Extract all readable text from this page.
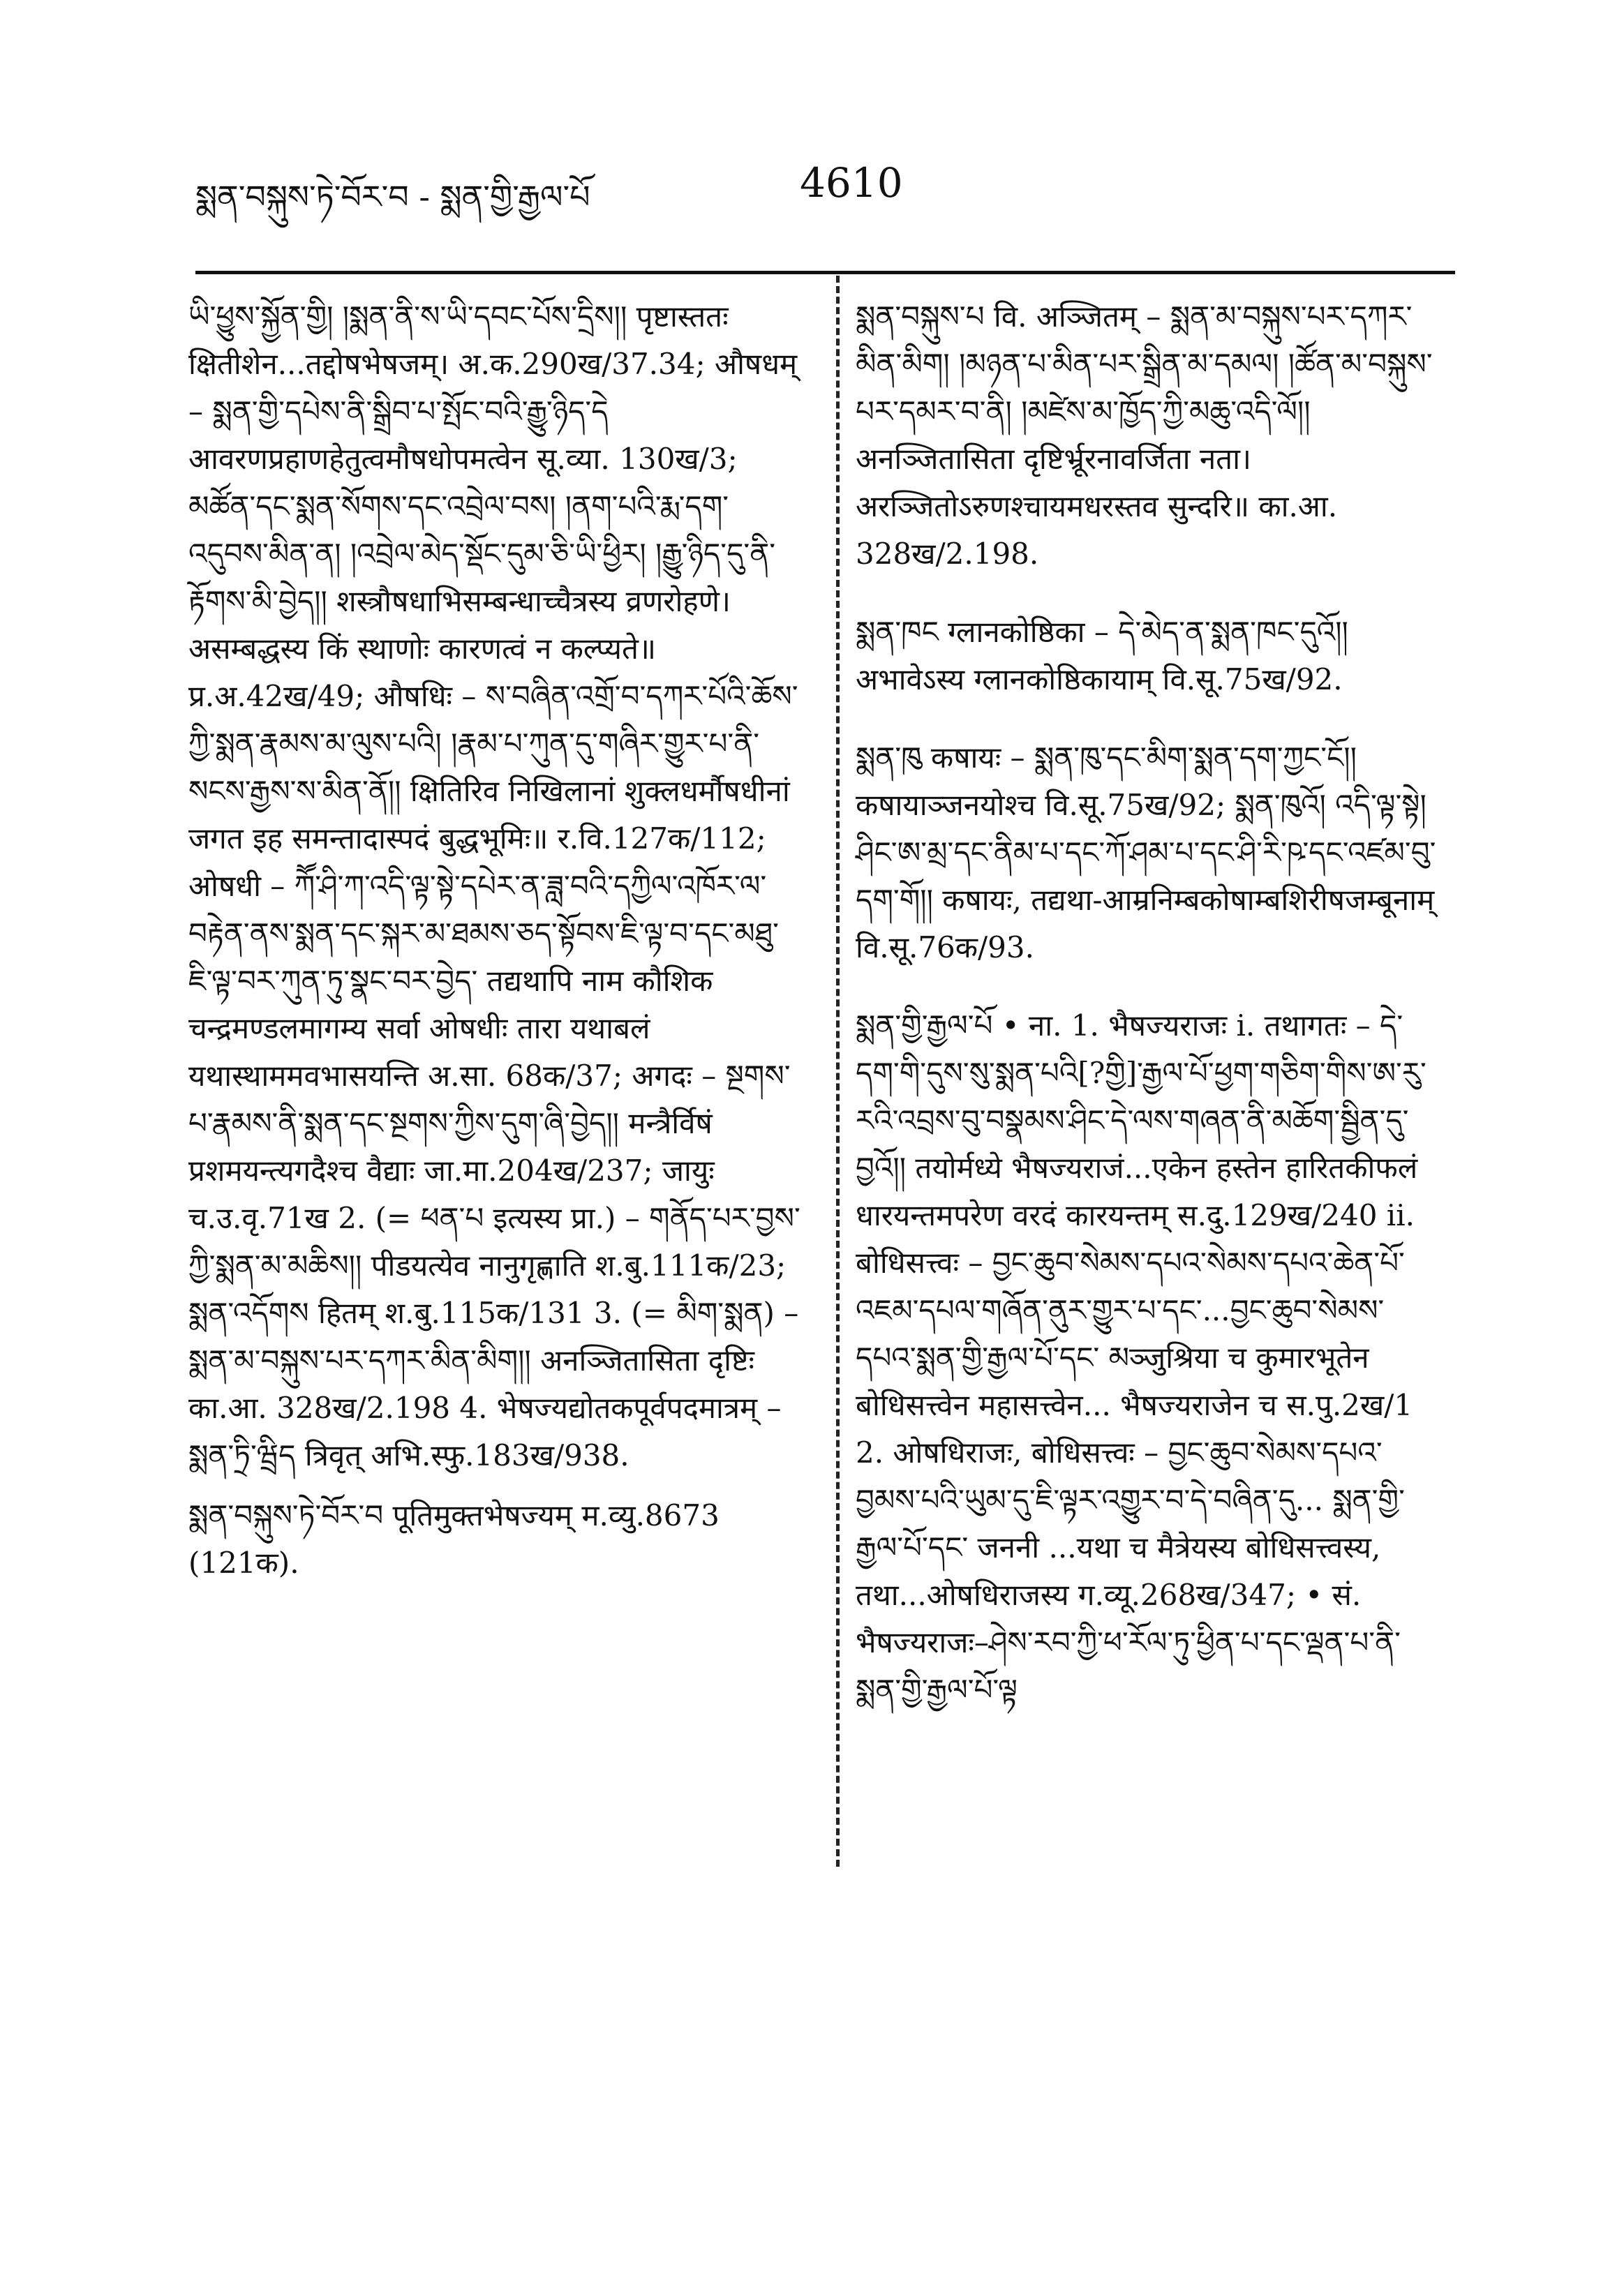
སྨན་བསྐུས་ཏེ་བོར་བ - སྨན་གྱི་རྒྱལ་པོ	4610

ཡི་ཕྱུས་སྐྱོན་གྱི། །སྨན་ནི་ས་ཡི་དབང་པོས་དྲིས།། पृष्टास्ततः क्षितीशेन...तद्दोषभेषजम्। अ.क.290ख/37.34; औषधम् – སྨན་གྱི་དཔེས་ནི་སྒྲིབ་པ་སྤོང་བའི་རྒྱུ་ཉིད་དེ आवरणप्रहाणहेतुत्वमौषधोपमत्वेन सू.व्या. 130ख/3; མཚོན་དང་སྨན་སོགས་དང་འབྲེལ་བས། །ནག་པའི་རྨ་དག་འདུབས་མིན་ན། །འབྲེལ་མེད་སྡོང་དུམ་ཅི་ཡི་ཕྱིར། །རྒྱུ་ཉིད་དུ་ནི་རྟོགས་མི་བྱེད།། शस्त्रौषधाभिसम्बन्धाच्चैत्रस्य व्रणरोहणे। असम्बद्धस्य किं स्थाणोः कारणत्वं न कल्प्यते॥ प्र.अ.42ख/49; औषधिः – ས་བཞིན་འགྲོ་བ་དཀར་པོའི་ཆོས་ཀྱི་སྨན་རྣམས་མ་ལུས་པའི། །རྣམ་པ་ཀུན་དུ་གཞིར་གྱུར་པ་ནི་སངས་རྒྱས་ས་མིན་ནོ།། क्षितिरिव निखिलानां शुक्लधर्मौषधीनां जगत इह समन्तादास्पदं बुद्धभूमिः॥ र.वि.127क/112; ओषधी – ཀཽ་ཤི་ཀ་འདི་ལྟ་སྟེ་དཔེར་ན་ཟླ་བའི་དཀྱིལ་འཁོར་ལ་བརྟེན་ནས་སྨན་དང་སྐར་མ་ཐམས་ཅད་སྟོབས་ཇི་ལྟ་བ་དང་མཐུ་ཇི་ལྟ་བར་ཀུན་ཏུ་སྣང་བར་བྱེད་ तद्यथापि नाम कौशिक चन्द्रमण्डलमागम्य सर्वा ओषधीः तारा यथाबलं यथास्थाममवभासयन्ति अ.सा. 68क/37; अगदः – སྔགས་པ་རྣམས་ནི་སྨན་དང་སྔགས་ཀྱིས་དུག་ཞི་བྱེད།། मन्त्रैर्विषं प्रशमयन्त्यगदैश्च वैद्याः जा.मा.204ख/237; जायुः च.उ.वृ.71ख 2. (= ཕན་པ इत्यस्य प्रा.) – གནོད་པར་བྱས་ཀྱི་སྨན་མ་མཆིས།། पीडयत्येव नानुगृह्णाति श.बु.111क/23; སྨན་འདོགས हितम् श.बु.115क/131 3. (= མིག་སྨན) – སྨན་མ་བསྐུས་པར་དཀར་མིན་མིག།། अनञ्जितासिता दृष्टिः का.आ. 328ख/2.198 4. भेषज्यद्योतकपूर्वपदमात्रम् – སྨན་ཏྲི་ཝྲིད त्रिवृत् अभि.स्फु.183ख/938.

སྨན་བསྐུས་ཏེ་བོར་བ पूतिमुक्तभेषज्यम् म.व्यु.8673 (121क).

སྨན་བསྐུས་པ वि. अञ्जितम् – སྨན་མ་བསྐུས་པར་དཀར་མིན་མིག། །མཉན་པ་མིན་པར་སྒྲིན་མ་དམལ། །ཚོན་མ་བསྐུས་པར་དམར་བ་ནི། །མཛེས་མ་ཁྱོད་ཀྱི་མཆུ་འདི་ལོ།། अनञ्जितासिता दृष्टिर्भ्रूरनावर्जिता नता। अरञ्जितोऽरुणश्चायमधरस्तव सुन्दरि॥ का.आ. 328ख/2.198.

སྨན་ཁང ग्लानकोष्ठिका – དེ་མེད་ན་སྨན་ཁང་དུའོ།། अभावेऽस्य ग्लानकोष्ठिकायाम् वि.सू.75ख/92.

སྨན་ཁུ कषायः – སྨན་ཁུ་དང་མིག་སྨན་དག་ཀྱང་ངོ།། कषायाञ्जनयोश्च वि.सू.75ख/92; སྨན་ཁུའོ། འདི་ལྟ་སྟེ། ཤིང་ཨ་མྲ་དང་ནིམ་པ་དང་ཀོ་ཤམ་པ་དང་ཤི་རི་ཥ་དང་འཛམ་བུ་དག་གོ།། कषायः, तद्यथा-आम्रनिम्बकोषाम्बशिरीषजम्बूनाम् वि.सू.76क/93.

སྨན་གྱི་རྒྱལ་པོ • ना. 1. भैषज्यराजः i. तथागतः – དེ་དག་གི་དུས་སུ་སྨན་པའི[?གྱི]་རྒྱལ་པོ་ཕྱག་གཅིག་གིས་ཨ་རུ་རའི་འབྲས་བུ་བསྣམས་ཤིང་དེ་ལས་གཞན་ནི་མཆོག་སྦྱིན་དུ་བྱའོ།། तयोर्मध्ये भैषज्यराजं...एकेन हस्तेन हारितकीफलं धारयन्तमपरेण वरदं कारयन्तम् स.दु.129ख/240 ii. बोधिसत्त्वः – བྱང་ཆུབ་སེམས་དཔའ་སེམས་དཔའ་ཆེན་པོ་འཇམ་དཔལ་གཞོན་ནུར་གྱུར་པ་དང་...བྱང་ཆུབ་སེམས་དཔའ་སྨན་གྱི་རྒྱལ་པོ་དང་ མञ्जुश्रिया च कुमारभूतेन बोधिसत्त्वेन महासत्त्वेन... भैषज्यराजेन च स.पु.2ख/1 2. ओषधिराजः, बोधिसत्त्वः – བྱང་ཆུབ་སེམས་དཔའ་བྱམས་པའི་ཡུམ་དུ་ཇི་ལྟར་འགྱུར་བ་དེ་བཞིན་དུ... སྨན་གྱི་རྒྱལ་པོ་དང་ जननी ...यथा च मैत्रेयस्य बोधिसत्त्वस्य, तथा...ओषधिराजस्य ग.व्यू.268ख/347; • सं. भैषज्यराजः–ཤེས་རབ་ཀྱི་ཕ་རོལ་ཏུ་ཕྱིན་པ་དང་ལྡན་པ་ནི་སྨན་གྱི་རྒྱལ་པོ་ལྟ
